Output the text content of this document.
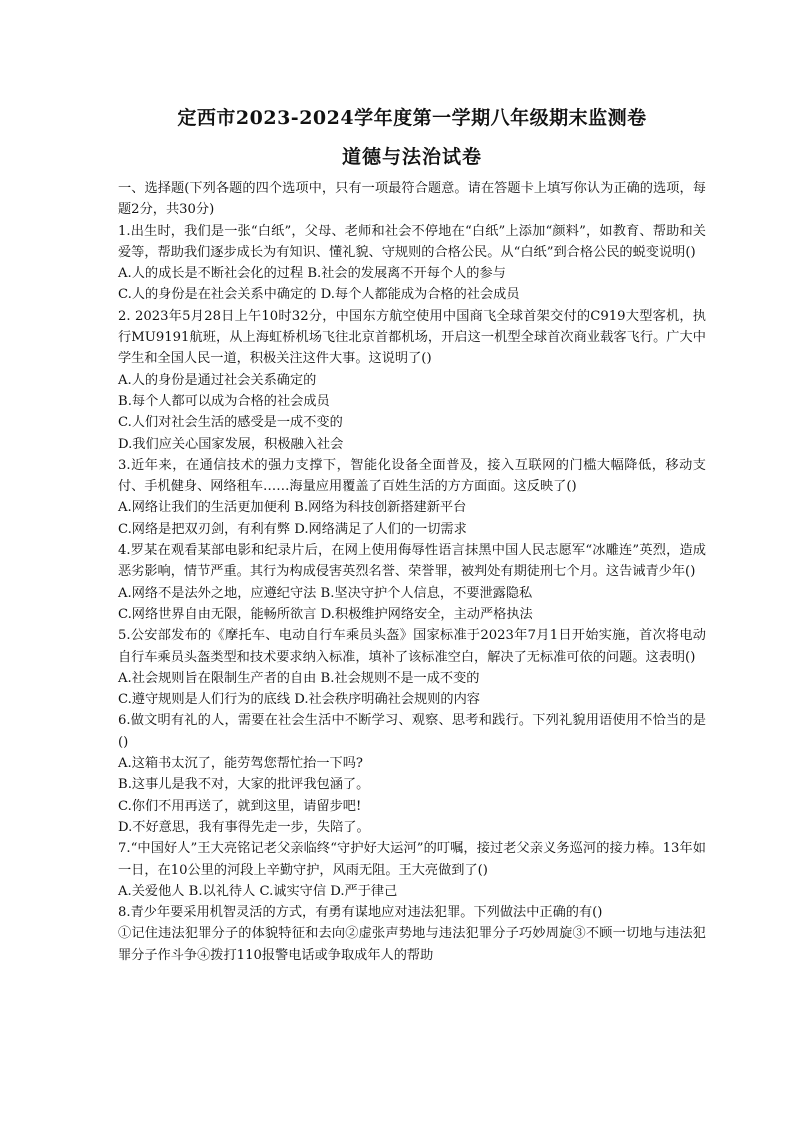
定西市2023-2024学年度第一学期八年级期末监测卷
道德与法治试卷

一、选择题(下列各题的四个选项中，只有一项最符合题意。请在答题卡上填写你认为正确的选项，每题2分，共30分)

1.出生时，我们是一张“白纸”，父母、老师和社会不停地在“白纸”上添加“颜料”，如教育、帮助和关爱等，帮助我们逐步成长为有知识、懂礼貌、守规则的合格公民。从“白纸”到合格公民的蜕变说明()

A.人的成长是不断社会化的过程 B.社会的发展离不开每个人的参与

C.人的身份是在社会关系中确定的 D.每个人都能成为合格的社会成员

2. 2023年5月28日上午10时32分，中国东方航空使用中国商飞全球首架交付的C919大型客机，执行MU9191航班，从上海虹桥机场飞往北京首都机场，开启这一机型全球首次商业载客飞行。广大中学生和全国人民一道，积极关注这件大事。这说明了()

A.人的身份是通过社会关系确定的

B.每个人都可以成为合格的社会成员

C.人们对社会生活的感受是一成不变的

D.我们应关心国家发展，积极融入社会

3.近年来，在通信技术的强力支撑下，智能化设备全面普及，接入互联网的门槛大幅降低，移动支付、手机健身、网络租车……海量应用覆盖了百姓生活的方方面面。这反映了()

A.网络让我们的生活更加便利 B.网络为科技创新搭建新平台

C.网络是把双刃剑，有利有弊 D.网络满足了人们的一切需求

4.罗某在观看某部电影和纪录片后，在网上使用侮辱性语言抹黑中国人民志愿军“冰雕连”英烈，造成恶劣影响，情节严重。其行为构成侵害英烈名誉、荣誉罪，被判处有期徒刑七个月。这告诫青少年()

A.网络不是法外之地，应遵纪守法 B.坚决守护个人信息，不要泄露隐私

C.网络世界自由无限，能畅所欲言 D.积极维护网络安全，主动严格执法

5.公安部发布的《摩托车、电动自行车乘员头盔》国家标准于2023年7月1日开始实施，首次将电动自行车乘员头盔类型和技术要求纳入标准，填补了该标准空白，解决了无标准可依的问题。这表明()

A.社会规则旨在限制生产者的自由 B.社会规则不是一成不变的

C.遵守规则是人们行为的底线 D.社会秩序明确社会规则的内容

6.做文明有礼的人，需要在社会生活中不断学习、观察、思考和践行。下列礼貌用语使用不恰当的是()

A.这箱书太沉了，能劳驾您帮忙抬一下吗?

B.这事儿是我不对，大家的批评我包涵了。

C.你们不用再送了，就到这里，请留步吧!

D.不好意思，我有事得先走一步，失陪了。

7.“中国好人”王大亮铭记老父亲临终“守护好大运河”的叮嘱，接过老父亲义务巡河的接力棒。13年如一日，在10公里的河段上辛勤守护，风雨无阻。王大亮做到了()

A.关爱他人 B.以礼待人 C.诚实守信 D.严于律己

8.青少年要采用机智灵活的方式，有勇有谋地应对违法犯罪。下列做法中正确的有()

①记住违法犯罪分子的体貌特征和去向②虚张声势地与违法犯罪分子巧妙周旋③不顾一切地与违法犯罪分子作斗争④拨打110报警电话或争取成年人的帮助
